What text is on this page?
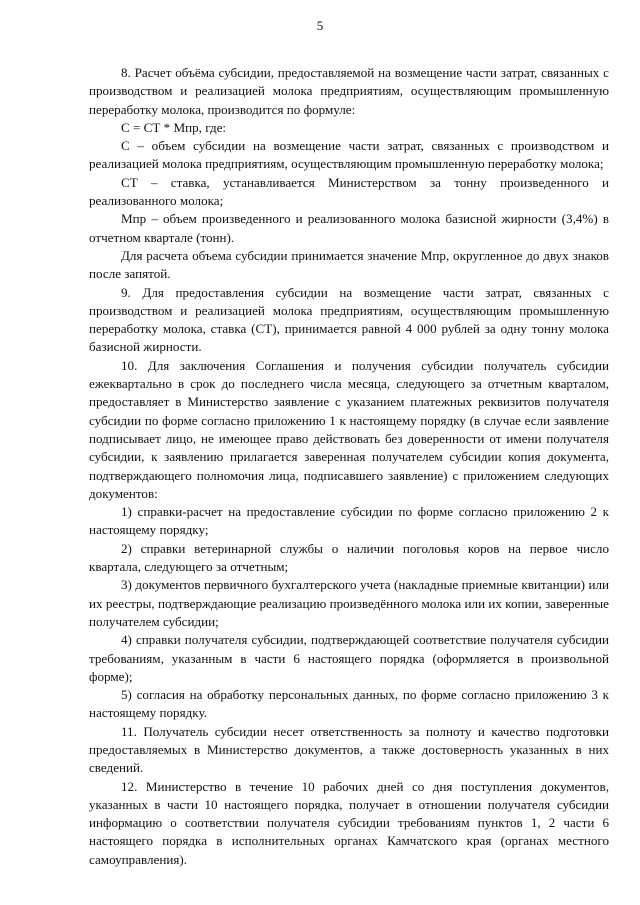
5

8. Расчет объёма субсидии, предоставляемой на возмещение части затрат, связанных с производством и реализацией молока предприятиям, осуществляющим промышленную переработку молока, производится по формуле:

С = СТ * Мпр, где:

С – объем субсидии на возмещение части затрат, связанных с производством и реализацией молока предприятиям, осуществляющим промышленную переработку молока;

СТ – ставка, устанавливается Министерством за тонну произведенного и реализованного молока;

Мпр – объем произведенного и реализованного молока базисной жирности (3,4%) в отчетном квартале (тонн).

Для расчета объема субсидии принимается значение Мпр, округленное до двух знаков после запятой.

9. Для предоставления субсидии на возмещение части затрат, связанных с производством и реализацией молока предприятиям, осуществляющим промышленную переработку молока, ставка (СТ), принимается равной 4 000 рублей за одну тонну молока базисной жирности.

10. Для заключения Соглашения и получения субсидии получатель субсидии ежеквартально в срок до последнего числа месяца, следующего за отчетным кварталом, предоставляет в Министерство заявление с указанием платежных реквизитов получателя субсидии по форме согласно приложению 1 к настоящему порядку (в случае если заявление подписывает лицо, не имеющее право действовать без доверенности от имени получателя субсидии, к заявлению прилагается заверенная получателем субсидии копия документа, подтверждающего полномочия лица, подписавшего заявление) с приложением следующих документов:

1) справки-расчет на предоставление субсидии по форме согласно приложению 2 к настоящему порядку;

2) справки ветеринарной службы о наличии поголовья коров на первое число квартала, следующего за отчетным;

3) документов первичного бухгалтерского учета (накладные приемные квитанции) или их реестры, подтверждающие реализацию произведённого молока или их копии, заверенные получателем субсидии;

4) справки получателя субсидии, подтверждающей соответствие получателя субсидии требованиям, указанным в части 6 настоящего порядка (оформляется в произвольной форме);

5) согласия на обработку персональных данных, по форме согласно приложению 3 к настоящему порядку.

11. Получатель субсидии несет ответственность за полноту и качество подготовки предоставляемых в Министерство документов, а также достоверность указанных в них сведений.

12. Министерство в течение 10 рабочих дней со дня поступления документов, указанных в части 10 настоящего порядка, получает в отношении получателя субсидии информацию о соответствии получателя субсидии требованиям пунктов 1, 2 части 6 настоящего порядка в исполнительных органах Камчатского края (органах местного самоуправления).
